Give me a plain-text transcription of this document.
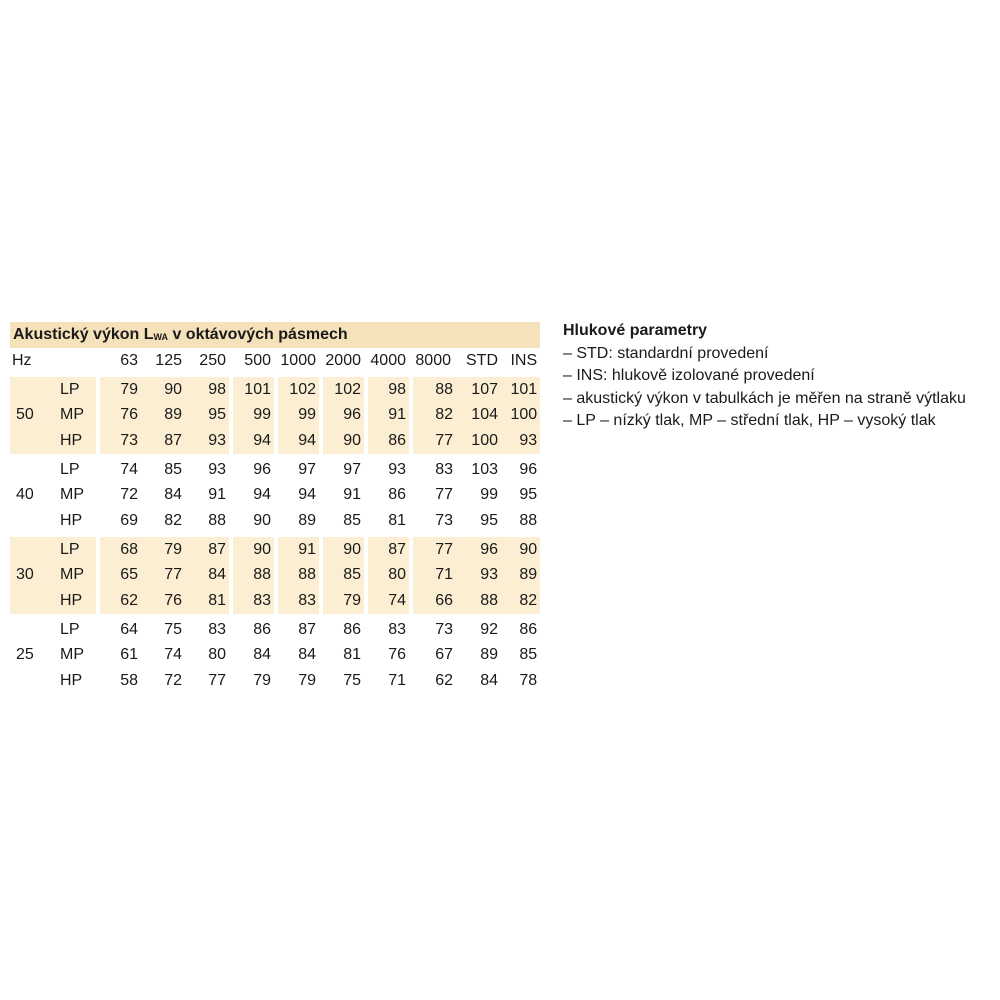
Akustický výkon $L_{WA}$ v oktávových pásmech											
Hz		63	125	250	500	1000	2000	4000	8000	STD	INS
	LP	79	90	98	101	102	102	98	88	107	101
50	MP	76	89	95	99	99	96	91	82	104	100
	HP	73	87	93	94	94	90	86	77	100	93
	LP	74	85	93	96	97	97	93	83	103	96
40	MP	72	84	91	94	94	91	86	77	99	95
	HP	69	82	88	90	89	85	81	73	95	88
	LP	68	79	87	90	91	90	87	77	96	90
30	MP	65	77	84	88	88	85	80	71	93	89
	HP	62	76	81	83	83	79	74	66	88	82
	LP	64	75	83	86	87	86	83	73	92	86
25	MP	61	74	80	84	84	81	76	67	89	85
	HP	58	72	77	79	79	75	71	62	84	78
Hlukové parametry
– STD: standardní provedení
– INS: hlukově izolované provedení
– akustický výkon v tabulkách je měřen na straně výtlaku
– LP – nízký tlak, MP – střední tlak, HP – vysoký tlak
